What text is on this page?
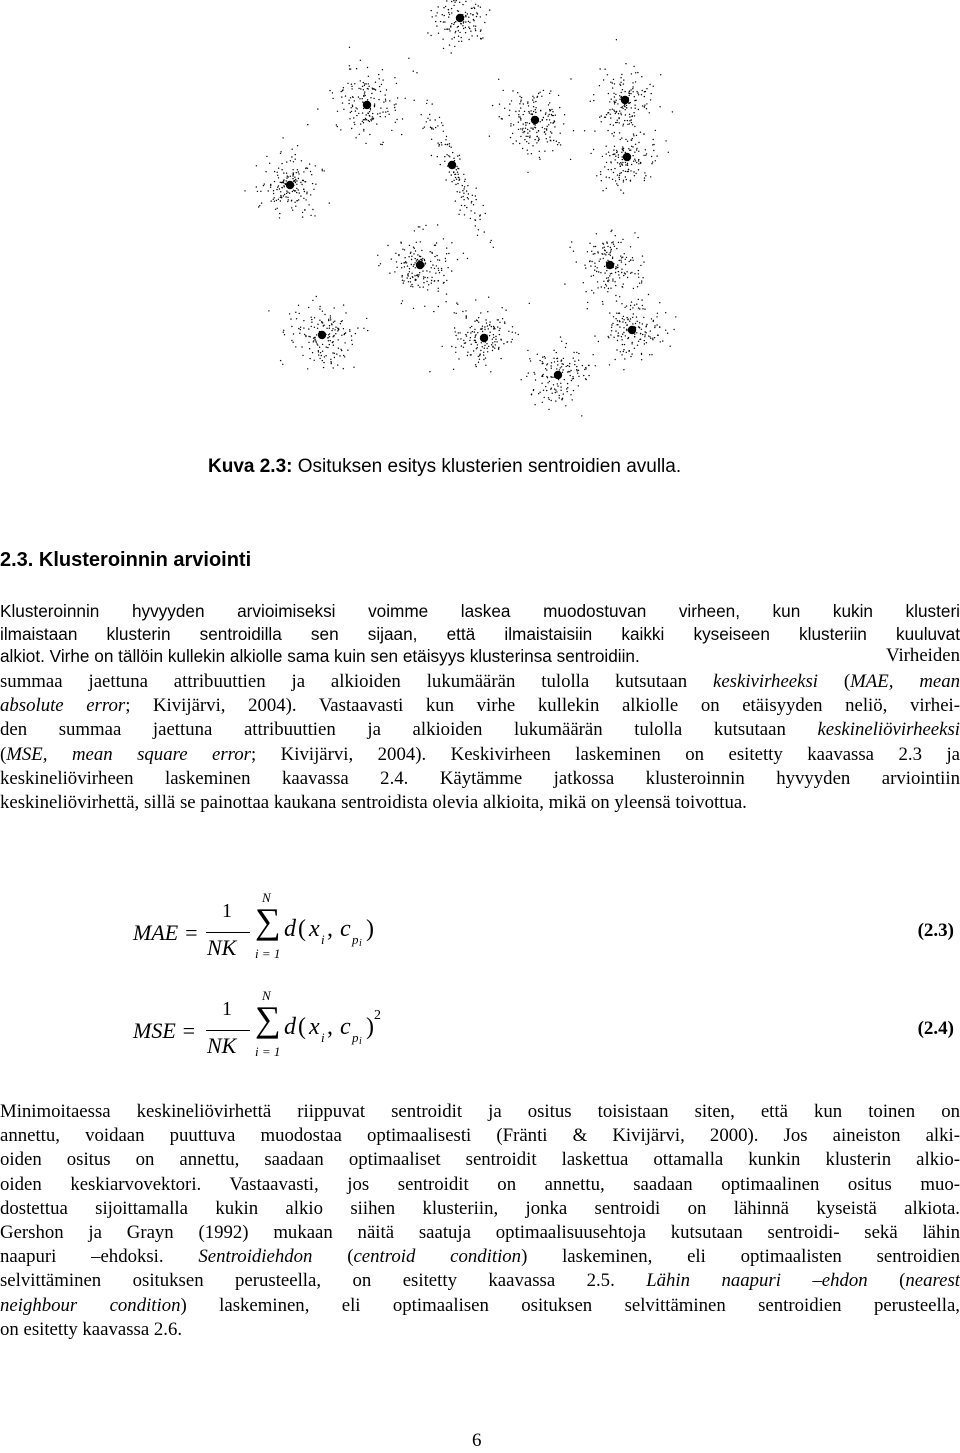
Kuva 2.3: Osituksen esitys klusterien sentroidien avulla.
2.3. Klusteroinnin arviointi
Klusteroinnin hyvyyden arvioimiseksi voimme laskea muodostuvan virheen, kun kukin klusteri
ilmaistaan klusterin sentroidilla sen sijaan, että ilmaistaisiin kaikki kyseiseen klusteriin kuuluvat
alkiot. Virhe on tällöin kullekin alkiolle sama kuin sen etäisyys klusterinsa sentroidiin.	Virheiden
summaa jaettuna attribuuttien ja alkioiden lukumäärän tulolla kutsutaan keskivirheeksi (MAE, mean
absolute error; Kivijärvi, 2004). Vastaavasti kun virhe kullekin alkiolle on etäisyyden neliö, virhei-
den summaa jaettuna attribuuttien ja alkioiden lukumäärän tulolla kutsutaan keskineliövirheeksi
(MSE, mean square error; Kivijärvi, 2004). Keskivirheen laskeminen on esitetty kaavassa 2.3 ja
keskineliövirheen laskeminen kaavassa 2.4. Käytämme jatkossa klusteroinnin hyvyyden arviointiin
keskineliövirhettä, sillä se painottaa kaukana sentroidista olevia alkioita, mikä on yleensä toivottua.
MAE =
1
NK
N
∑
i = 1
d ( x i , c p i
)	(2.3)
MSE =
1
NK
N
∑
i = 1
d ( x i , c p i
) 2
(2.4)
Minimoitaessa keskineliövirhettä riippuvat sentroidit ja ositus toisistaan siten, että kun toinen on
annettu, voidaan puuttuva muodostaa optimaalisesti (Fränti & Kivijärvi, 2000). Jos aineiston alki-
oiden ositus on annettu, saadaan optimaaliset sentroidit laskettua ottamalla kunkin klusterin alkio-
oiden keskiarvovektori. Vastaavasti, jos sentroidit on annettu, saadaan optimaalinen ositus muo-
dostettua sijoittamalla kukin alkio siihen klusteriin, jonka sentroidi on lähinnä kyseistä alkiota.
Gershon ja Grayn (1992) mukaan näitä saatuja optimaalisuusehtoja kutsutaan sentroidi- sekä lähin
naapuri –ehdoksi. Sentroidiehdon (centroid condition) laskeminen, eli optimaalisten sentroidien
selvittäminen osituksen perusteella, on esitetty kaavassa 2.5. Lähin naapuri –ehdon (nearest
neighbour condition) laskeminen, eli optimaalisen osituksen selvittäminen sentroidien perusteella,
on esitetty kaavassa 2.6.
6
